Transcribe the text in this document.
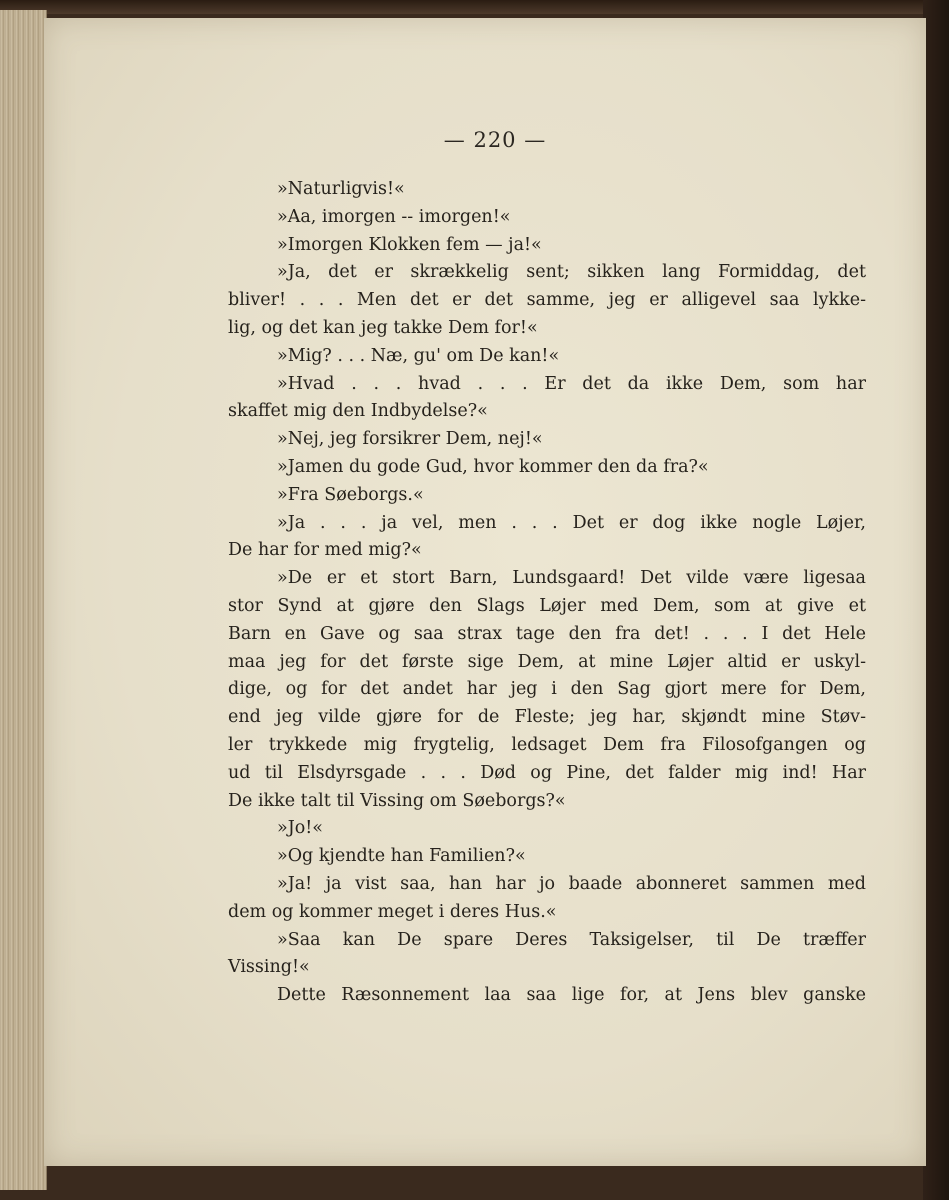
— 220 —
»Naturligvis!«
»Aa, imorgen -- imorgen!«
»Imorgen Klokken fem — ja!«
»Ja, det er skrækkelig sent; sikken lang Formiddag, det
bliver! . . . Men det er det samme, jeg er alligevel saa lykke-
lig, og det kan jeg takke Dem for!«
»Mig? . . . Næ, gu' om De kan!«
»Hvad . . . hvad . . . Er det da ikke Dem, som har
skaffet mig den Indbydelse?«
»Nej, jeg forsikrer Dem, nej!«
»Jamen du gode Gud, hvor kommer den da fra?«
»Fra Søeborgs.«
»Ja . . . ja vel, men . . . Det er dog ikke nogle Løjer,
De har for med mig?«
»De er et stort Barn, Lundsgaard! Det vilde være ligesaa
stor Synd at gjøre den Slags Løjer med Dem, som at give et
Barn en Gave og saa strax tage den fra det! . . . I det Hele
maa jeg for det første sige Dem, at mine Løjer altid er uskyl-
dige, og for det andet har jeg i den Sag gjort mere for Dem,
end jeg vilde gjøre for de Fleste; jeg har, skjøndt mine Støv-
ler trykkede mig frygtelig, ledsaget Dem fra Filosofgangen og
ud til Elsdyrsgade . . . Død og Pine, det falder mig ind! Har
De ikke talt til Vissing om Søeborgs?«
»Jo!«
»Og kjendte han Familien?«
»Ja! ja vist saa, han har jo baade abonneret sammen med
dem og kommer meget i deres Hus.«
»Saa kan De spare Deres Taksigelser, til De træffer
Vissing!«
Dette Ræsonnement laa saa lige for, at Jens blev ganske
